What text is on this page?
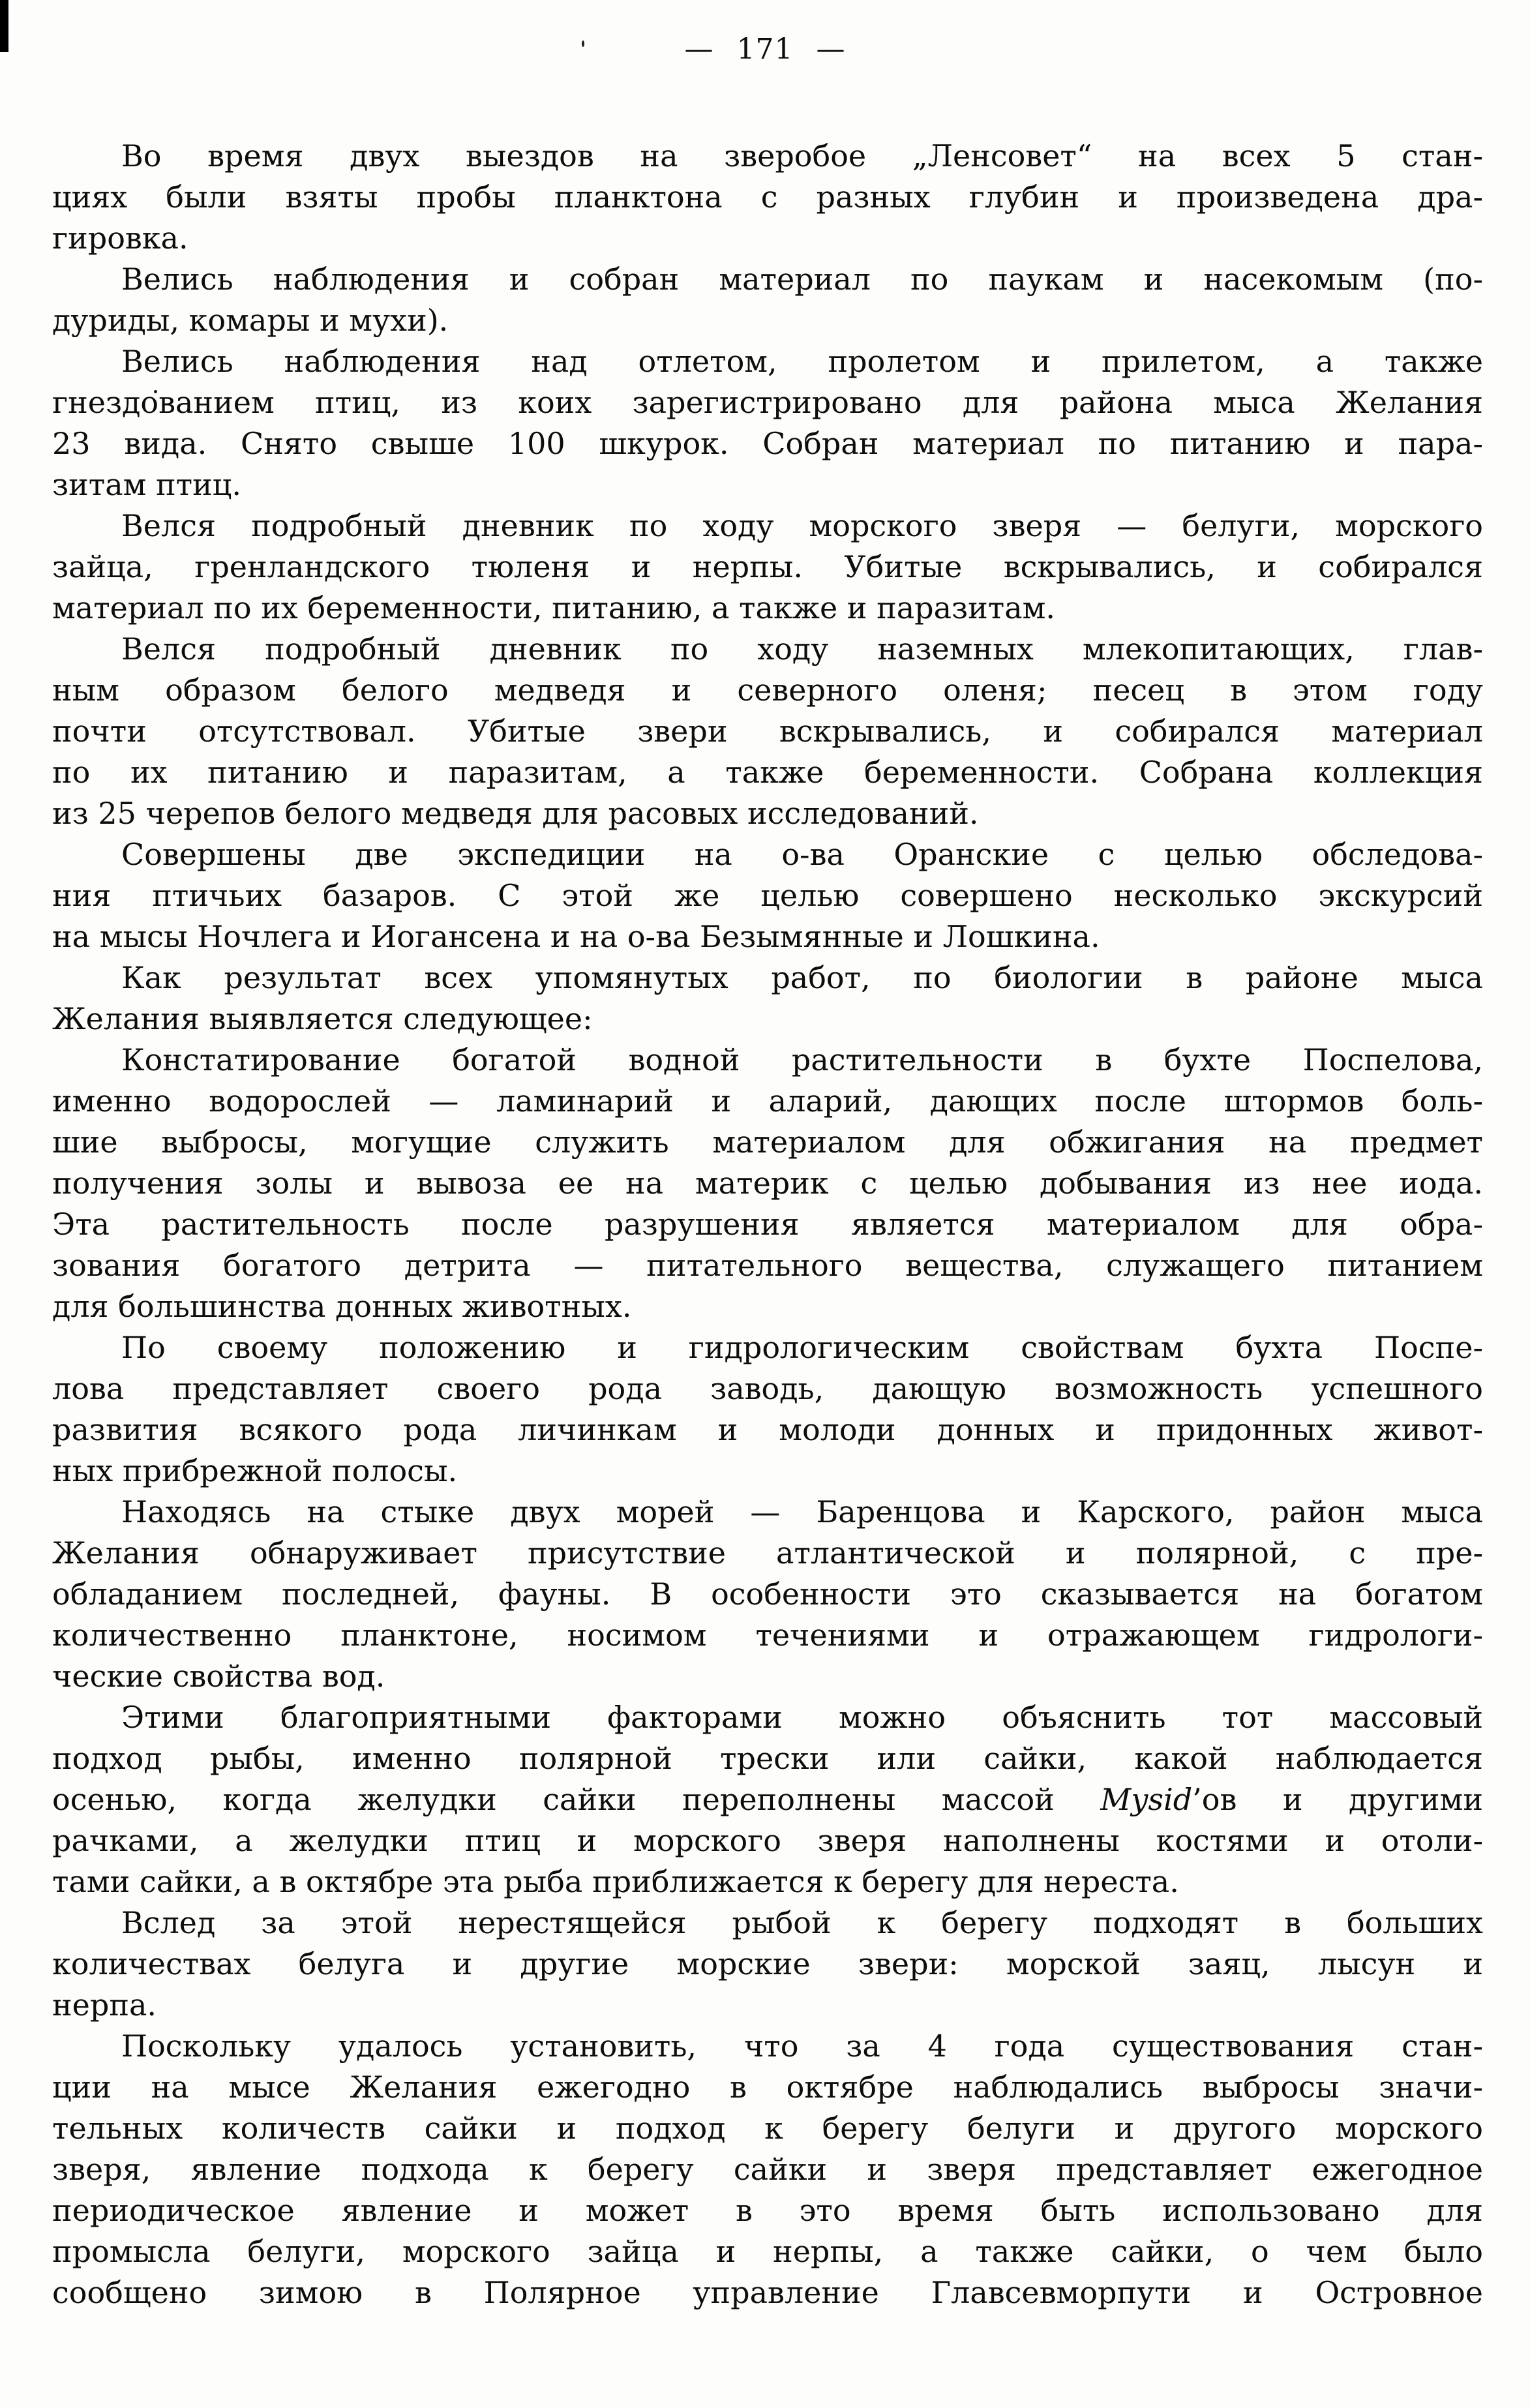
— 171 —
Во время двух выездов на зверобое „Ленсовет“ на всех 5 стан-
циях были взяты пробы планктона с разных глубин и произведена дра-
гировка.
Велись наблюдения и собран материал по паукам и насекомым (по-
дуриды, комары и мухи).
Велись наблюдения над отлетом, пролетом и прилетом, а также
гнездованием птиц, из коих зарегистрировано для района мыса Желания
23 вида. Снято свыше 100 шкурок. Собран материал по питанию и пара-
зитам птиц.
Велся подробный дневник по ходу морского зверя — белуги, морского
зайца, гренландского тюленя и нерпы. Убитые вскрывались, и собирался
материал по их беременности, питанию, а также и паразитам.
Велся подробный дневник по ходу наземных млекопитающих, глав-
ным образом белого медведя и северного оленя; песец в этом году
почти отсутствовал. Убитые звери вскрывались, и собирался материал
по их питанию и паразитам, а также беременности. Собрана коллекция
из 25 черепов белого медведя для расовых исследований.
Совершены две экспедиции на о-ва Оранские с целью обследова-
ния птичьих базаров. С этой же целью совершено несколько экскурсий
на мысы Ночлега и Иогансена и на о-ва Безымянные и Лошкина.
Как результат всех упомянутых работ, по биологии в районе мыса
Желания выявляется следующее:
Констатирование богатой водной растительности в бухте Поспелова,
именно водорослей — ламинарий и аларий, дающих после штормов боль-
шие выбросы, могущие служить материалом для обжигания на предмет
получения золы и вывоза ее на материк с целью добывания из нее иода.
Эта растительность после разрушения является материалом для обра-
зования богатого детрита — питательного вещества, служащего питанием
для большинства донных животных.
По своему положению и гидрологическим свойствам бухта Поспе-
лова представляет своего рода заводь, дающую возможность успешного
развития всякого рода личинкам и молоди донных и придонных живот-
ных прибрежной полосы.
Находясь на стыке двух морей — Баренцова и Карского, район мыса
Желания обнаруживает присутствие атлантической и полярной, с пре-
обладанием последней, фауны. В особенности это сказывается на богатом
количественно планктоне, носимом течениями и отражающем гидрологи-
ческие свойства вод.
Этими благоприятными факторами можно объяснить тот массовый
подход рыбы, именно полярной трески или сайки, какой наблюдается
осенью, когда желудки сайки переполнены массой Mysid’ов и другими
рачками, а желудки птиц и морского зверя наполнены костями и отоли-
тами сайки, а в октябре эта рыба приближается к берегу для нереста.
Вслед за этой нерестящейся рыбой к берегу подходят в больших
количествах белуга и другие морские звери: морской заяц, лысун и
нерпа.
Поскольку удалось установить, что за 4 года существования стан-
ции на мысе Желания ежегодно в октябре наблюдались выбросы значи-
тельных количеств сайки и подход к берегу белуги и другого морского
зверя, явление подхода к берегу сайки и зверя представляет ежегодное
периодическое явление и может в это время быть использовано для
промысла белуги, морского зайца и нерпы, а также сайки, о чем было
сообщено зимою в Полярное управление Главсевморпути и Островное
